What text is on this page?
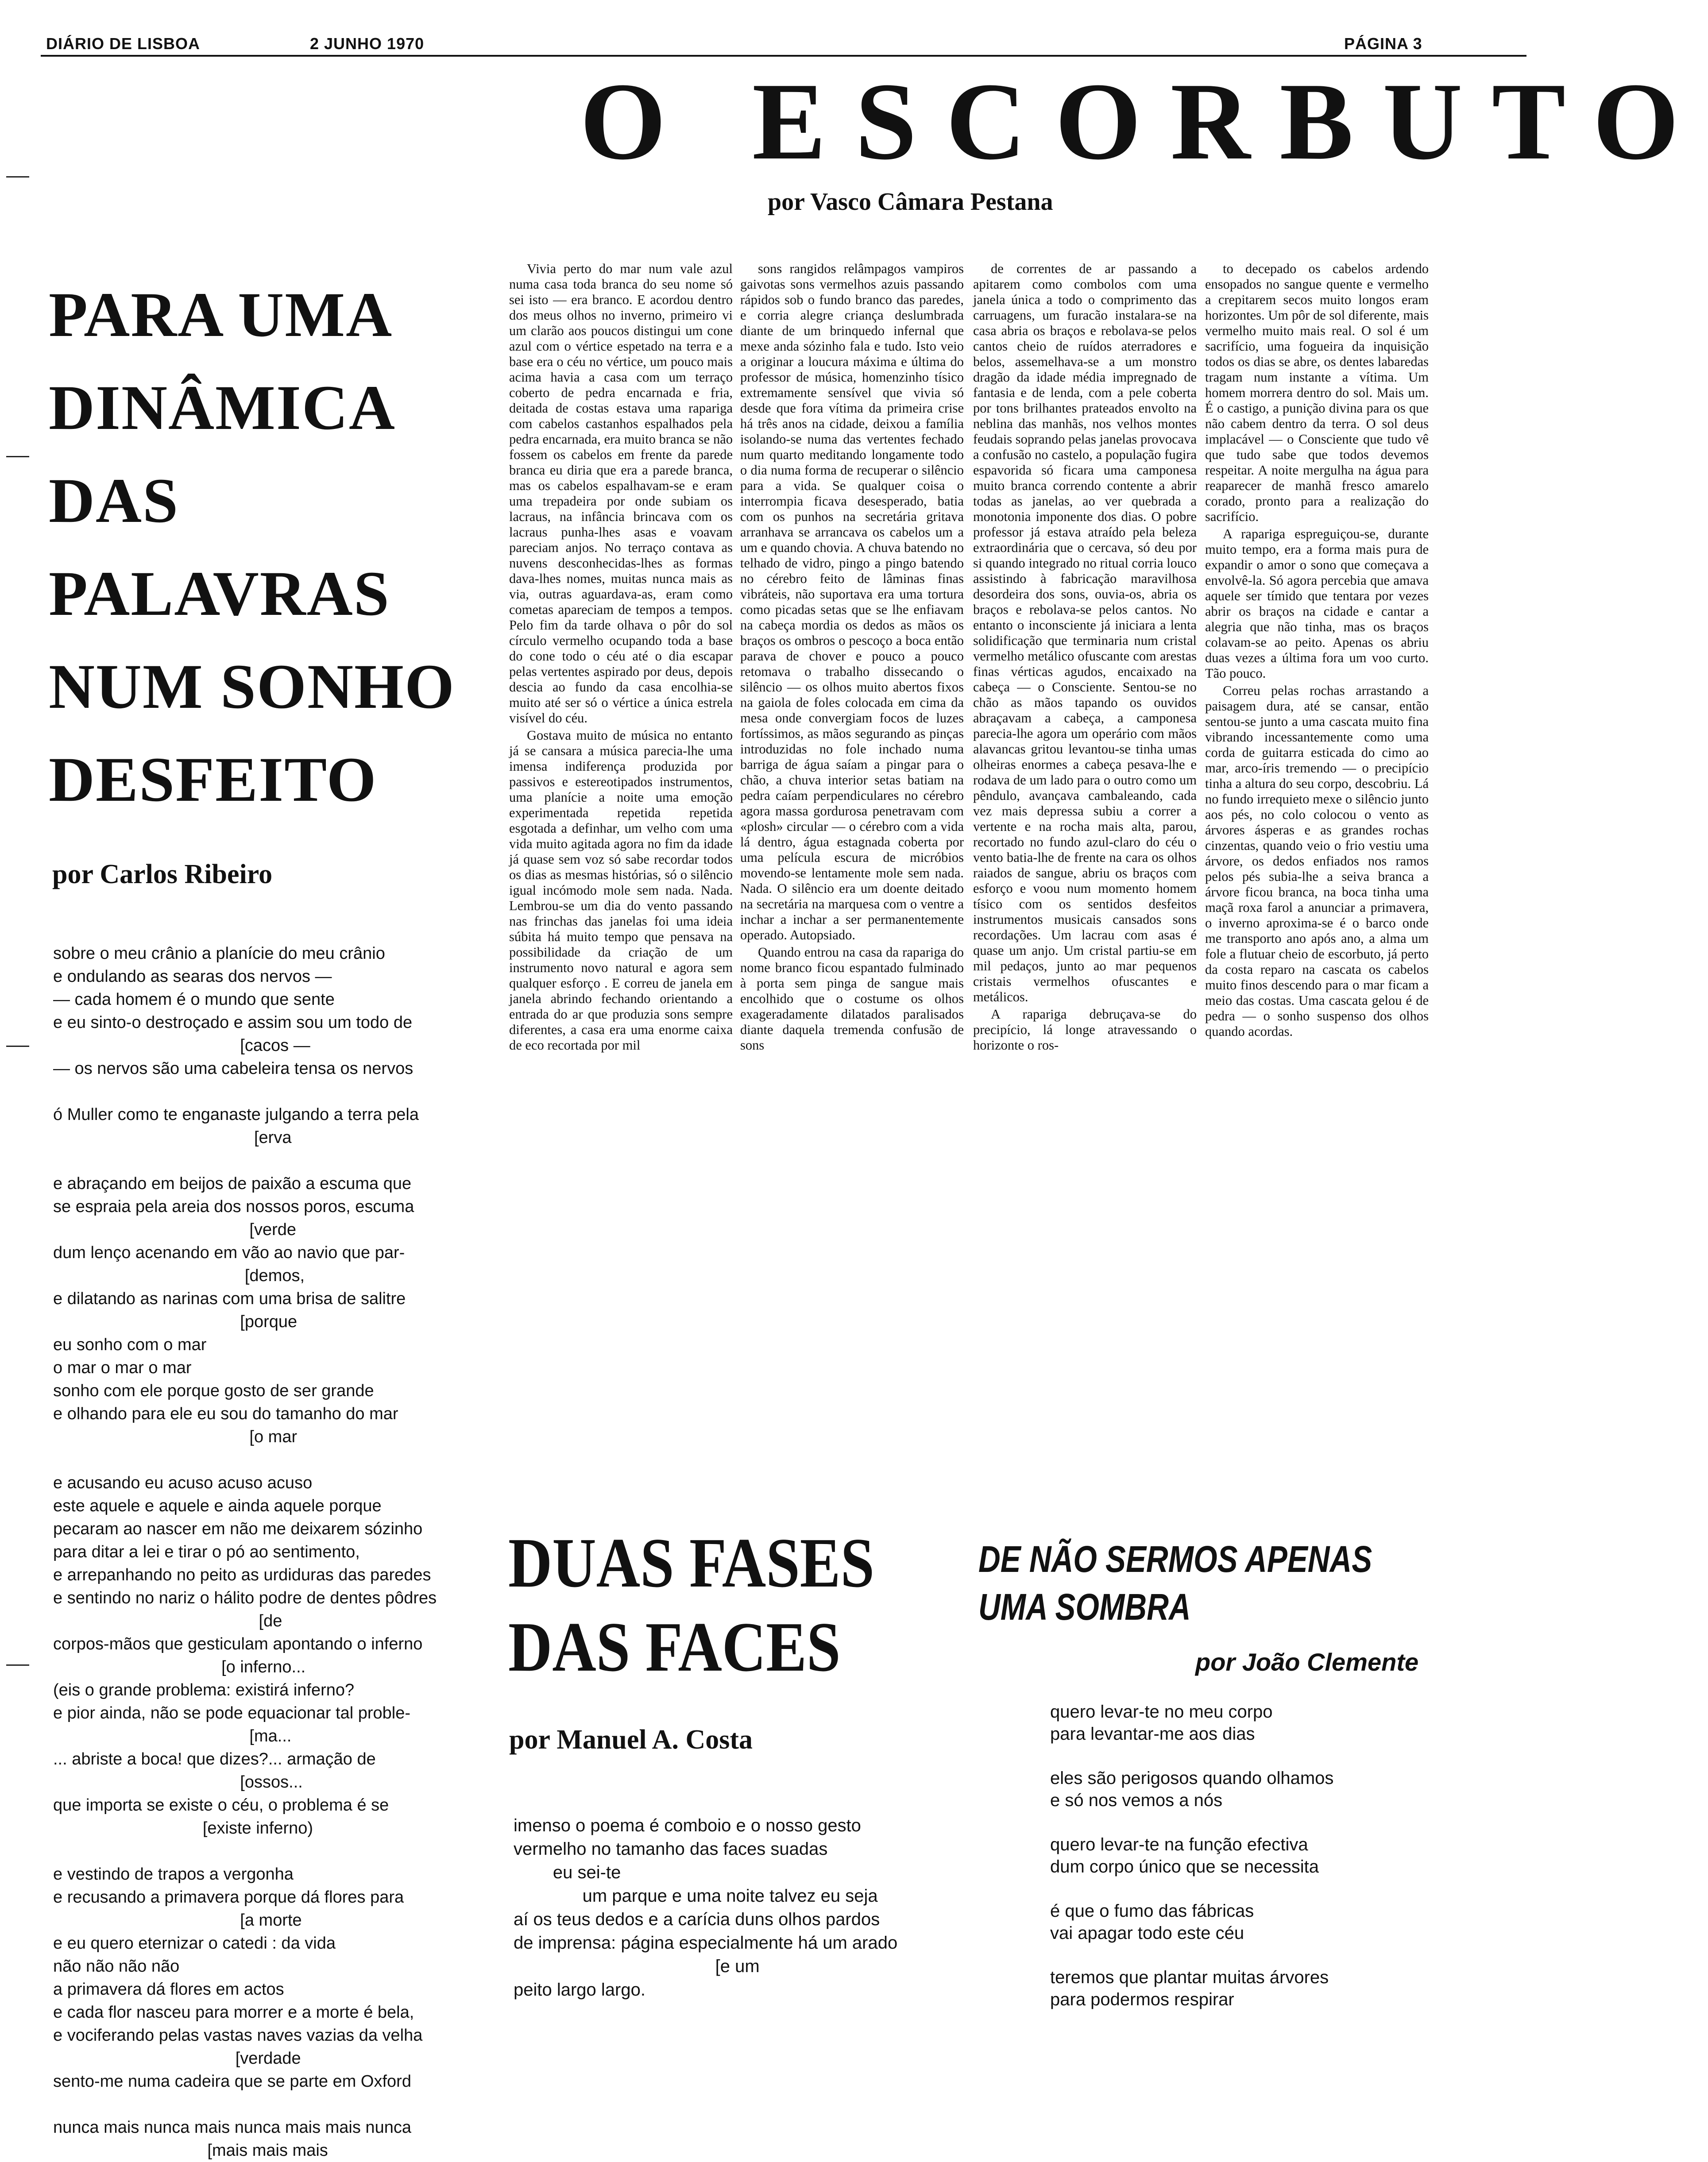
DIÁRIO DE LISBOA	2 JUNHO 1970	PÁGINA 3
O ESCORBUTO
por Vasco Câmara Pestana
PARA UMA
DINÂMICA
DAS
PALAVRAS
NUM SONHO
DESFEITO
por Carlos Ribeiro
sobre o meu crânio a planície do meu crânio
e ondulando as searas dos nervos —
— cada homem é o mundo que sente
e eu sinto-o destroçado e assim sou um todo de
[cacos —
— os nervos são uma cabeleira tensa os nervos

ó Muller como te enganaste julgando a terra pela
[erva

e abraçando em beijos de paixão a escuma que
se espraia pela areia dos nossos poros, escuma
[verde
dum lenço acenando em vão ao navio que par-
[demos,
e dilatando as narinas com uma brisa de salitre
[porque
eu sonho com o mar
o mar o mar o mar
sonho com ele porque gosto de ser grande
e olhando para ele eu sou do tamanho do mar
[o mar

e acusando eu acuso acuso acuso
este aquele e aquele e ainda aquele porque
pecaram ao nascer em não me deixarem sózinho
para ditar a lei e tirar o pó ao sentimento,
e arrepanhando no peito as urdiduras das paredes
e sentindo no nariz o hálito podre de dentes pôdres
[de
corpos-mãos que gesticulam apontando o inferno
[o inferno...
(eis o grande problema: existirá inferno?
e pior ainda, não se pode equacionar tal proble-
[ma...
... abriste a boca! que dizes?... armação de
[ossos...
que importa se existe o céu, o problema é se
[existe inferno)

e vestindo de trapos a vergonha
e recusando a primavera porque dá flores para
[a morte
e eu quero eternizar o catedi : da vida
não não não não
a primavera dá flores em actos
e cada flor nasceu para morrer e a morte é bela,
e vociferando pelas vastas naves vazias da velha
[verdade
sento-me numa cadeira que se parte em Oxford

nunca mais nunca mais nunca mais mais nunca
[mais mais mais

Vivia perto do mar num vale azul numa casa toda branca do seu nome só sei isto — era branco. E acordou dentro dos meus olhos no inverno, primeiro vi um clarão aos poucos distingui um cone azul com o vértice espetado na terra e a base era o céu no vértice, um pouco mais acima havia a casa com um terraço coberto de pedra encarnada e fria, deitada de costas estava uma rapariga com cabelos castanhos espalhados pela pedra encarnada, era muito branca se não fossem os cabelos em frente da parede branca eu diria que era a parede branca, mas os cabelos espalhavam-se e eram uma trepadeira por onde subiam os lacraus, na infância brincava com os lacraus punha-lhes asas e voavam pareciam anjos. No terraço contava as nuvens desconhecidas-lhes as formas dava-lhes nomes, muitas nunca mais as via, outras aguardava-as, eram como cometas apareciam de tempos a tempos. Pelo fim da tarde olhava o pôr do sol círculo vermelho ocupando toda a base do cone todo o céu até o dia escapar pelas vertentes aspirado por deus, depois descia ao fundo da casa encolhia-se muito até ser só o vértice a única estrela visível do céu.

Gostava muito de música no entanto já se cansara a música parecia-lhe uma imensa indiferença produzida por passivos e estereotipados instrumentos, uma planície a noite uma emoção experimentada repetida repetida esgotada a definhar, um velho com uma vida muito agitada agora no fim da idade já quase sem voz só sabe recordar todos os dias as mesmas histórias, só o silêncio igual incómodo mole sem nada. Nada. Lembrou-se um dia do vento passando nas frinchas das janelas foi uma ideia súbita há muito tempo que pensava na possibilidade da criação de um instrumento novo natural e agora sem qualquer esforço . E correu de janela em janela abrindo fechando orientando a entrada do ar que produzia sons sempre diferentes, a casa era uma enorme caixa de eco recortada por mil

sons rangidos relâmpagos vampiros gaivotas sons vermelhos azuis passando rápidos sob o fundo branco das paredes, e corria alegre criança deslumbrada diante de um brinquedo infernal que mexe anda sózinho fala e tudo. Isto veio a originar a loucura máxima e última do professor de música, homenzinho tísico extremamente sensível que vivia só desde que fora vítima da primeira crise há três anos na cidade, deixou a família isolando-se numa das vertentes fechado num quarto meditando longamente todo o dia numa forma de recuperar o silêncio para a vida. Se qualquer coisa o interrompia ficava desesperado, batia com os punhos na secretária gritava arranhava se arrancava os cabelos um a um e quando chovia. A chuva batendo no telhado de vidro, pingo a pingo batendo no cérebro feito de lâminas finas vibráteis, não suportava era uma tortura como picadas setas que se lhe enfiavam na cabeça mordia os dedos as mãos os braços os ombros o pescoço a boca então parava de chover e pouco a pouco retomava o trabalho dissecando o silêncio — os olhos muito abertos fixos na gaiola de foles colocada em cima da mesa onde convergiam focos de luzes fortíssimos, as mãos segurando as pinças introduzidas no fole inchado numa barriga de água saíam a pingar para o chão, a chuva interior setas batiam na pedra caíam perpendiculares no cérebro agora massa gordurosa penetravam com «plosh» circular — o cérebro com a vida lá dentro, água estagnada coberta por uma película escura de micróbios movendo-se lentamente mole sem nada. Nada. O silêncio era um doente deitado na secretária na marquesa com o ventre a inchar a inchar a ser permanentemente operado. Autopsiado.

Quando entrou na casa da rapariga do nome branco ficou espantado fulminado à porta sem pinga de sangue mais encolhido que o costume os olhos exageradamente dilatados paralisados diante daquela tremenda confusão de sons

de correntes de ar passando a apitarem como combolos com uma janela única a todo o comprimento das carruagens, um furacão instalara-se na casa abria os braços e rebolava-se pelos cantos cheio de ruídos aterradores e belos, assemelhava-se a um monstro dragão da idade média impregnado de fantasia e de lenda, com a pele coberta por tons brilhantes prateados envolto na neblina das manhãs, nos velhos montes feudais soprando pelas janelas provocava a confusão no castelo, a população fugira espavorida só ficara uma camponesa muito branca correndo contente a abrir todas as janelas, ao ver quebrada a monotonia imponente dos dias. O pobre professor já estava atraído pela beleza extraordinária que o cercava, só deu por si quando integrado no ritual corria louco assistindo à fabricação maravilhosa desordeira dos sons, ouvia-os, abria os braços e rebolava-se pelos cantos. No entanto o inconsciente já iniciara a lenta solidificação que terminaria num cristal vermelho metálico ofuscante com arestas finas vérticas agudos, encaixado na cabeça — o Consciente. Sentou-se no chão as mãos tapando os ouvidos abraçavam a cabeça, a camponesa parecia-lhe agora um operário com mãos alavancas gritou levantou-se tinha umas olheiras enormes a cabeça pesava-lhe e rodava de um lado para o outro como um pêndulo, avançava cambaleando, cada vez mais depressa subiu a correr a vertente e na rocha mais alta, parou, recortado no fundo azul-claro do céu o vento batia-lhe de frente na cara os olhos raiados de sangue, abriu os braços com esforço e voou num momento homem tísico com os sentidos desfeitos instrumentos musicais cansados sons recordações. Um lacrau com asas é quase um anjo. Um cristal partiu-se em mil pedaços, junto ao mar pequenos cristais vermelhos ofuscantes e metálicos.

A rapariga debruçava-se do precipício, lá longe atravessando o horizonte o ros-

to decepado os cabelos ardendo ensopados no sangue quente e vermelho a crepitarem secos muito longos eram horizontes. Um pôr de sol diferente, mais vermelho muito mais real. O sol é um sacrifício, uma fogueira da inquisição todos os dias se abre, os dentes labaredas tragam num instante a vítima. Um homem morrera dentro do sol. Mais um. É o castigo, a punição divina para os que não cabem dentro da terra. O sol deus implacável — o Consciente que tudo vê que tudo sabe que todos devemos respeitar. A noite mergulha na água para reaparecer de manhã fresco amarelo corado, pronto para a realização do sacrifício.

A rapariga espreguiçou-se, durante muito tempo, era a forma mais pura de expandir o amor o sono que começava a envolvê-la. Só agora percebia que amava aquele ser tímido que tentara por vezes abrir os braços na cidade e cantar a alegria que não tinha, mas os braços colavam-se ao peito. Apenas os abriu duas vezes a última fora um voo curto. Tão pouco.

Correu pelas rochas arrastando a paisagem dura, até se cansar, então sentou-se junto a uma cascata muito fina vibrando incessantemente como uma corda de guitarra esticada do cimo ao mar, arco-íris tremendo — o precipício tinha a altura do seu corpo, descobriu. Lá no fundo irrequieto mexe o silêncio junto aos pés, no colo colocou o vento as árvores ásperas e as grandes rochas cinzentas, quando veio o frio vestiu uma árvore, os dedos enfiados nos ramos pelos pés subia-lhe a seiva branca a árvore ficou branca, na boca tinha uma maçã roxa farol a anunciar a primavera, o inverno aproxima-se é o barco onde me transporto ano após ano, a alma um fole a flutuar cheio de escorbuto, já perto da costa reparo na cascata os cabelos muito finos descendo para o mar ficam a meio das costas. Uma cascata gelou é de pedra — o sonho suspenso dos olhos quando acordas.

DUAS FASES
DAS FACES
por Manuel A. Costa
imenso o poema é comboio e o nosso gesto
vermelho no tamanho das faces suadas
eu sei-te
um parque e uma noite talvez eu seja
aí os teus dedos e a carícia duns olhos pardos
de imprensa: página especialmente há um arado
[e um
peito largo largo.
DE NÃO SERMOS APENAS
UMA SOMBRA
por João Clemente
quero levar-te no meu corpo
para levantar-me aos dias

eles são perigosos quando olhamos
e só nos vemos a nós

quero levar-te na função efectiva
dum corpo único que se necessita

é que o fumo das fábricas
vai apagar todo este céu

teremos que plantar muitas árvores
para podermos respirar
